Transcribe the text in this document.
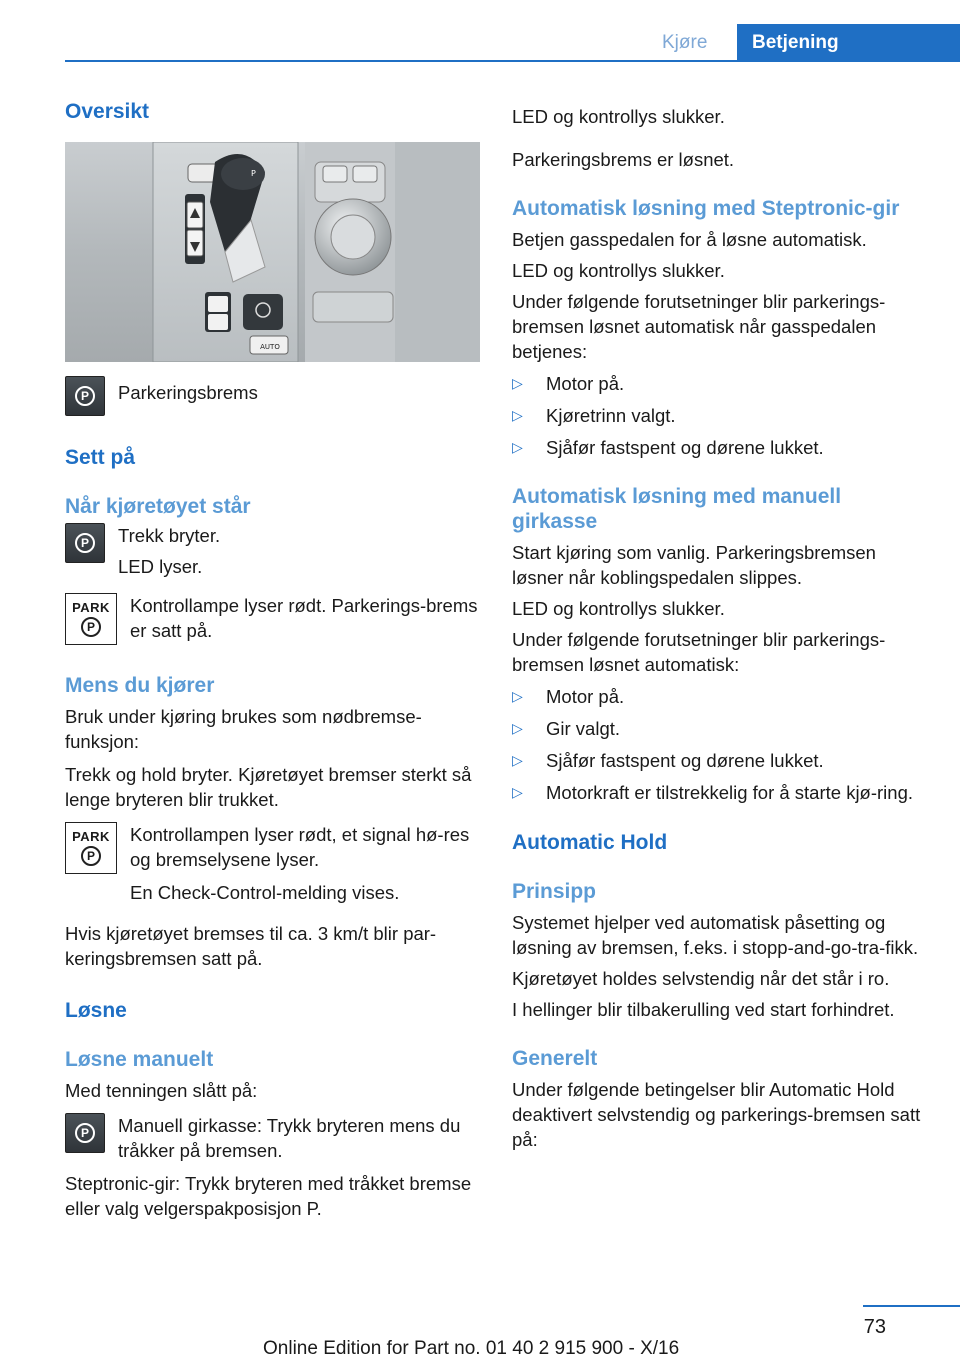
Kjøre	Betjening
Oversikt
AUTO
P
P	Parkeringsbrems

Sett på
Når kjøretøyet står
P	Trekk bryter.

LED lyser.

PARK
P

Kontrollampe lyser rødt. Parkerings-brems er satt på.

Mens du kjører

Bruk under kjøring brukes som nødbremse-funksjon:

Trekk og hold bryter. Kjøretøyet bremser sterkt så lenge bryteren blir trukket.

PARK
P

Kontrollampen lyser rødt, et signal hø-res og bremselysene lyser.

En Check-Control-melding vises.

Hvis kjøretøyet bremses til ca. 3 km/t blir par-keringsbremsen satt på.

Løsne
Løsne manuelt

Med tenningen slått på:

P	Manuell girkasse: Trykk bryteren mens du tråkker på bremsen.

Steptronic-gir: Trykk bryteren med tråkket bremse eller valg velgerspakposisjon P.

LED og kontrollys slukker.

Parkeringsbrems er løsnet.

Automatisk løsning med Steptronic-gir

Betjen gasspedalen for å løsne automatisk.

LED og kontrollys slukker.

Under følgende forutsetninger blir parkerings-bremsen løsnet automatisk når gasspedalen betjenes:

▷	Motor på.
▷	Kjøretrinn valgt.
▷	Sjåfør fastspent og dørene lukket.
Automatisk løsning med manuell girkasse

Start kjøring som vanlig. Parkeringsbremsen løsner når koblingspedalen slippes.

LED og kontrollys slukker.

Under følgende forutsetninger blir parkerings-bremsen løsnet automatisk:

▷	Motor på.
▷	Gir valgt.
▷	Sjåfør fastspent og dørene lukket.
▷	Motorkraft er tilstrekkelig for å starte kjø-ring.
Automatic Hold
Prinsipp

Systemet hjelper ved automatisk påsetting og løsning av bremsen, f.eks. i stopp-and-go-tra-fikk.

Kjøretøyet holdes selvstendig når det står i ro.

I hellinger blir tilbakerulling ved start forhindret.

Generelt

Under følgende betingelser blir Automatic Hold deaktivert selvstendig og parkerings-bremsen satt på:

73
Online Edition for Part no. 01 40 2 915 900 - X/16
